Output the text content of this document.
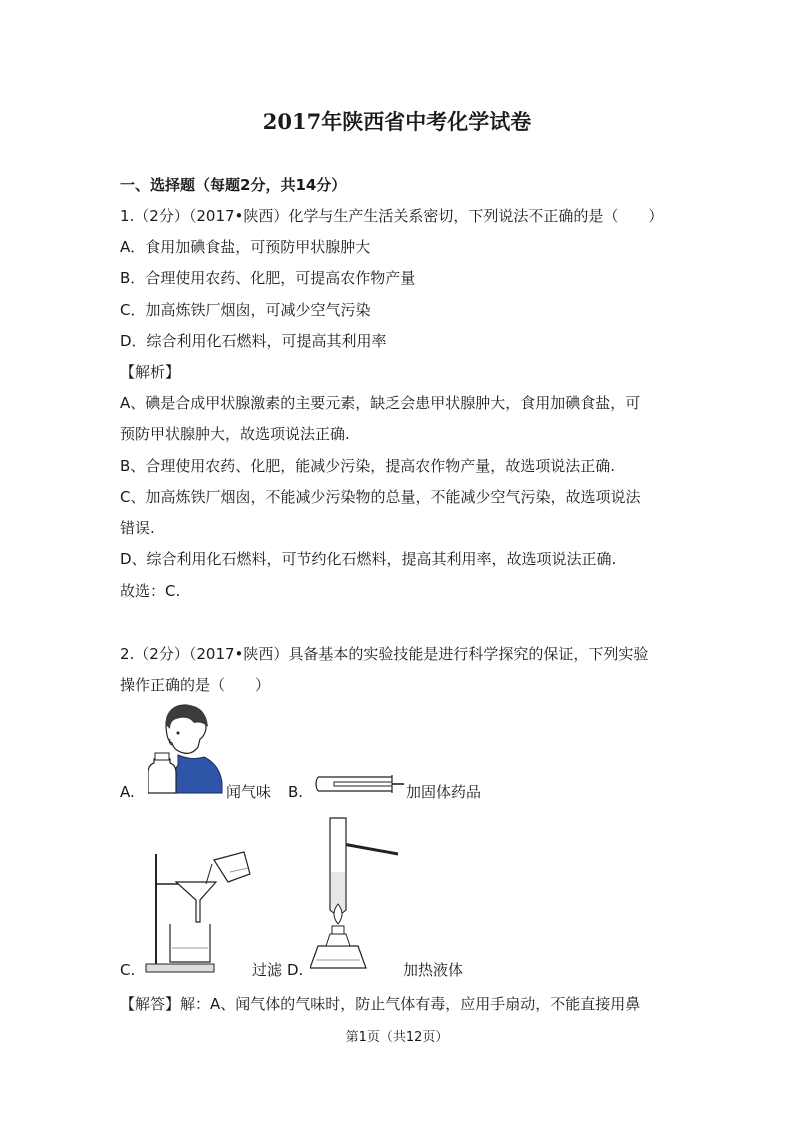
2017年陕西省中考化学试卷
一、选择题（每题2分，共14分）
1.（2分）（2017•陕西）化学与生产生活关系密切，下列说法不正确的是（　　）
A．食用加碘食盐，可预防甲状腺肿大
B．合理使用农药、化肥，可提高农作物产量
C．加高炼铁厂烟囱，可减少空气污染
D．综合利用化石燃料，可提高其利用率
【解析】
A、碘是合成甲状腺激素的主要元素，缺乏会患甲状腺肿大，食用加碘食盐，可
预防甲状腺肿大，故选项说法正确.
B、合理使用农药、化肥，能减少污染，提高农作物产量，故选项说法正确.
C、加高炼铁厂烟囱，不能减少污染物的总量，不能减少空气污染，故选项说法
错误.
D、综合利用化石燃料，可节约化石燃料，提高其利用率，故选项说法正确.
故选：C.
2.（2分）（2017•陕西）具备基本的实验技能是进行科学探究的保证，下列实验
操作正确的是（　　）
A.	闻气味 B.	加固体药品
C.	过滤 D.	加热液体
【解答】 解：A、闻气体的气味时，防止气体有毒，应用手扇动，不能直接用鼻
第1页（共12页）
